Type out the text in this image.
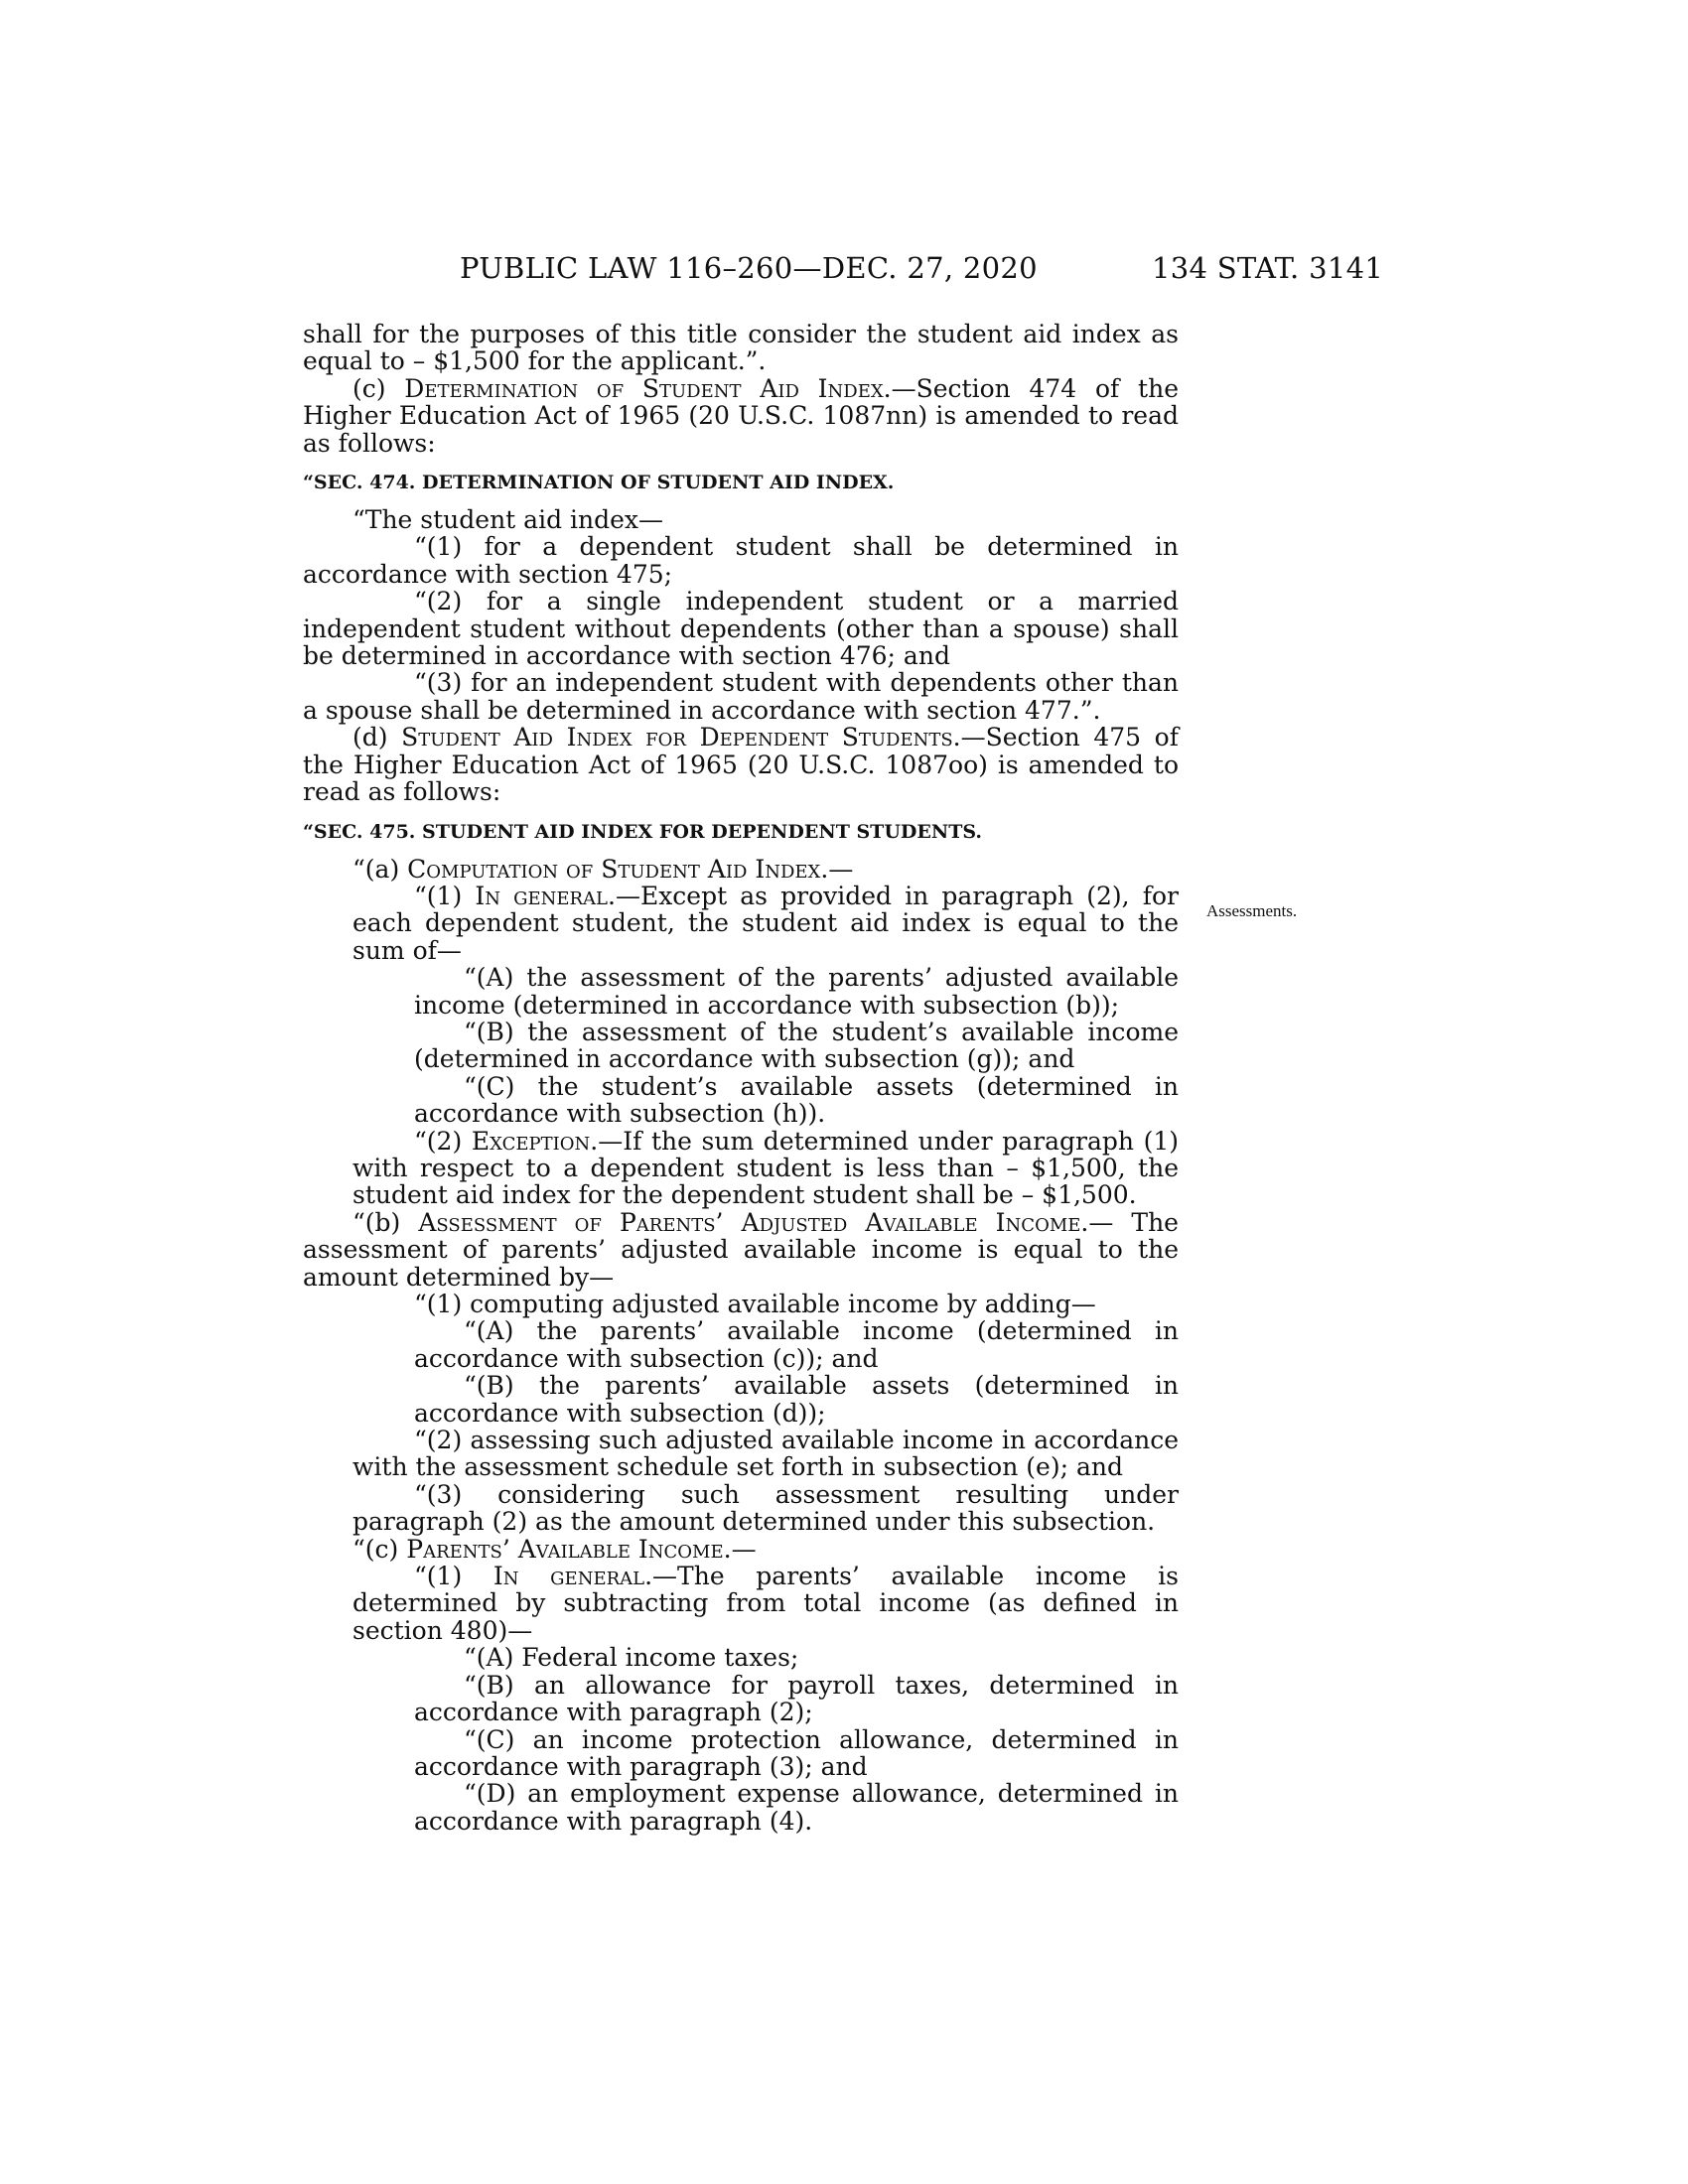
PUBLIC LAW 116–260—DEC. 27, 2020	134 STAT. 3141
Assessments.

shall for the purposes of this title consider the student aid index as equal to – $1,500 for the applicant.”.

(c) Determination of Student Aid Index.—Section 474 of the Higher Education Act of 1965 (20 U.S.C. 1087nn) is amended to read as follows:

“SEC. 474. DETERMINATION OF STUDENT AID INDEX.

“The student aid index—

“(1) for a dependent student shall be determined in accordance with section 475;

“(2) for a single independent student or a married independent student without dependents (other than a spouse) shall be determined in accordance with section 476; and

“(3) for an independent student with dependents other than a spouse shall be determined in accordance with section 477.”.

(d) Student Aid Index for Dependent Students.—Section 475 of the Higher Education Act of 1965 (20 U.S.C. 1087oo) is amended to read as follows:

“SEC. 475. STUDENT AID INDEX FOR DEPENDENT STUDENTS.

“(a) Computation of Student Aid Index.—

“(1) In general.—Except as provided in paragraph (2), for each dependent student, the student aid index is equal to the sum of—

“(A) the assessment of the parents’ adjusted available income (determined in accordance with subsection (b));

“(B) the assessment of the student’s available income (determined in accordance with subsection (g)); and

“(C) the student’s available assets (determined in accordance with subsection (h)).

“(2) Exception.—If the sum determined under paragraph (1) with respect to a dependent student is less than – $1,500, the student aid index for the dependent student shall be – $1,500.

“(b) Assessment of Parents’ Adjusted Available Income.— The assessment of parents’ adjusted available income is equal to the amount determined by—

“(1) computing adjusted available income by adding—

“(A) the parents’ available income (determined in accordance with subsection (c)); and

“(B) the parents’ available assets (determined in accordance with subsection (d));

“(2) assessing such adjusted available income in accordance with the assessment schedule set forth in subsection (e); and

“(3) considering such assessment resulting under paragraph (2) as the amount determined under this subsection.

“(c) Parents’ Available Income.—

“(1) In general.—The parents’ available income is determined by subtracting from total income (as defined in section 480)—

“(A) Federal income taxes;

“(B) an allowance for payroll taxes, determined in accordance with paragraph (2);

“(C) an income protection allowance, determined in accordance with paragraph (3); and

“(D) an employment expense allowance, determined in accordance with paragraph (4).
